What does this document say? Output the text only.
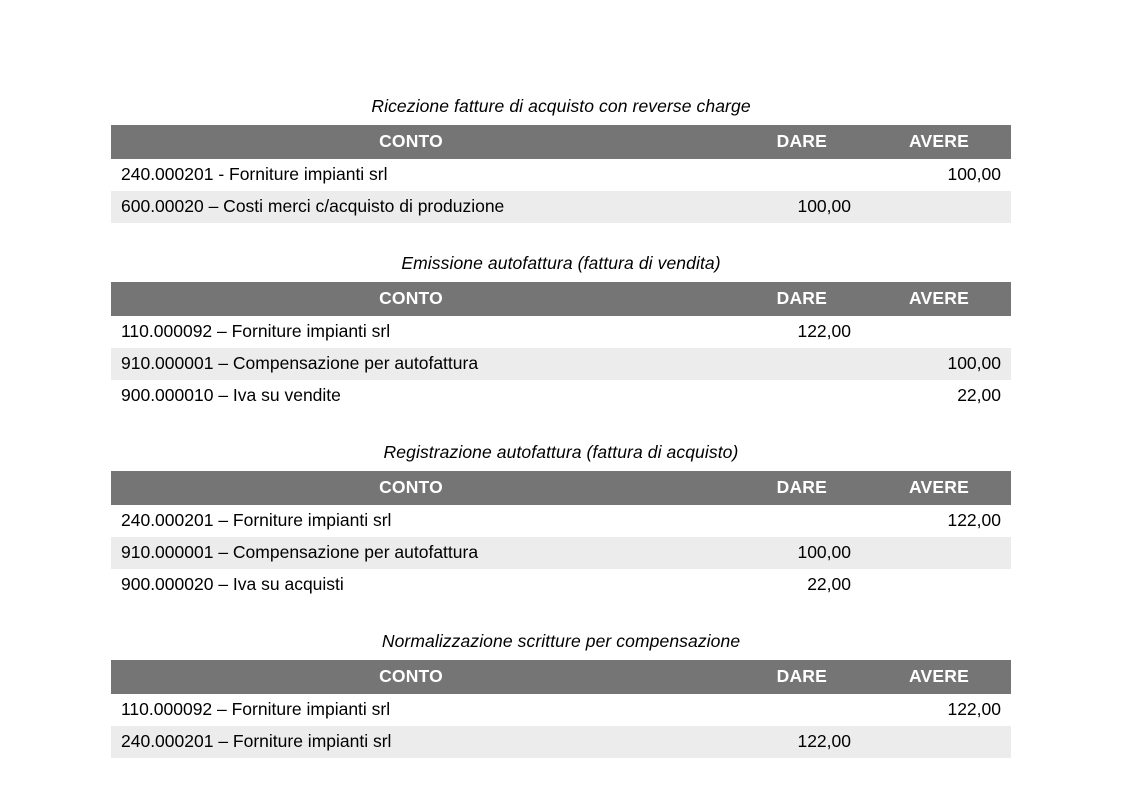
Ricezione fatture di acquisto con reverse charge
CONTO	DARE	AVERE
240.000201 - Forniture impianti srl		100,00
600.00020 – Costi merci c/acquisto di produzione	100,00	
Emissione autofattura (fattura di vendita)
CONTO	DARE	AVERE
110.000092 – Forniture impianti srl	122,00	
910.000001 – Compensazione per autofattura		100,00
900.000010 – Iva su vendite		22,00
Registrazione autofattura (fattura di acquisto)
CONTO	DARE	AVERE
240.000201 – Forniture impianti srl		122,00
910.000001 – Compensazione per autofattura	100,00	
900.000020 – Iva su acquisti	22,00	
Normalizzazione scritture per compensazione
CONTO	DARE	AVERE
110.000092 – Forniture impianti srl		122,00
240.000201 – Forniture impianti srl	122,00	
